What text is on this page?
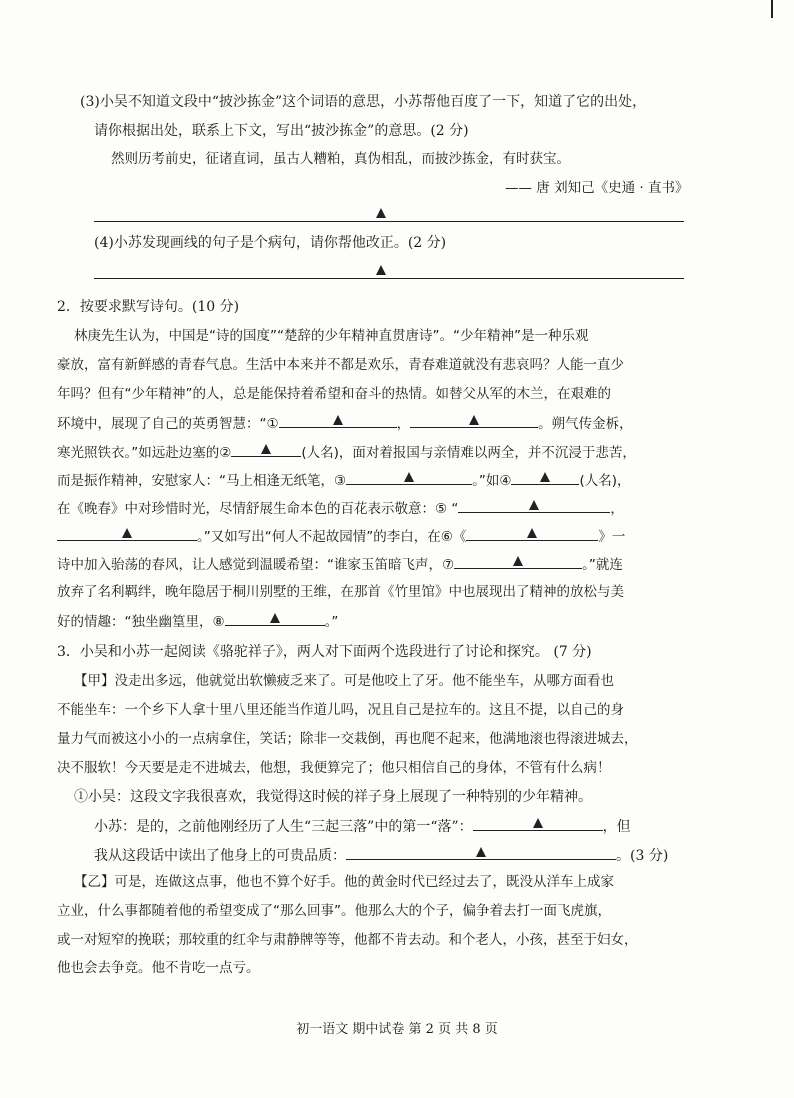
(3)小吴不知道文段中“披沙拣金”这个词语的意思，小苏帮他百度了一下，知道了它的出处，
请你根据出处，联系上下文，写出“披沙拣金”的意思。(2 分)
然则历考前史，征诸直词，虽古人糟粕，真伪相乱，而披沙拣金，有时获宝。
—— 唐 刘知己《史通 · 直书》
(4)小苏发现画线的句子是个病句，请你帮他改正。(2 分)
2．按要求默写诗句。(10 分)
林庚先生认为，中国是“诗的国度”“楚辞的少年精神直贯唐诗”。“少年精神”是一种乐观
豪放，富有新鲜感的青春气息。生活中本来并不都是欢乐，青春难道就没有悲哀吗？人能一直少
年吗？但有“少年精神”的人，总是能保持着希望和奋斗的热情。如替父从军的木兰，在艰难的
环境中，展现了自己的英勇智慧：“①	，	。朔气传金柝，
寒光照铁衣。”如远赴边塞的②	(人名)，面对着报国与亲情难以两全，并不沉浸于悲苦，
而是振作精神，安慰家人：“马上相逢无纸笔，③	。”如④	(人名)，
在《晚春》中对珍惜时光，尽情舒展生命本色的百花表示敬意：⑤ “	，
。”又如写出“何人不起故园情”的李白，在⑥《	》一
诗中加入骀荡的春风，让人感觉到温暖希望：“谁家玉笛暗飞声，⑦	。”就连
放弃了名利羁绊，晚年隐居于桐川别墅的王维，在那首《竹里馆》中也展现出了精神的放松与美
好的情趣：“独坐幽篁里，⑧	。”
3．小吴和小苏一起阅读《骆驼祥子》，两人对下面两个选段进行了讨论和探究。 (7 分)
【甲】没走出多远，他就觉出软懒疲乏来了。可是他咬上了牙。他不能坐车，从哪方面看也
不能坐车：一个乡下人拿十里八里还能当作道儿吗，况且自己是拉车的。这且不提，以自己的身
量力气而被这小小的一点病拿住，笑话；除非一交栽倒，再也爬不起来，他满地滚也得滚进城去，
决不服软！今天要是走不进城去，他想，我便算完了；他只相信自己的身体，不管有什么病！
①小吴：这段文字我很喜欢，我觉得这时候的祥子身上展现了一种特别的少年精神。
小苏：是的，之前他刚经历了人生“三起三落”中的第一“落”：	，但
我从这段话中读出了他身上的可贵品质：	。(3 分)
【乙】可是，连做这点事，他也不算个好手。他的黄金时代已经过去了，既没从洋车上成家
立业，什么事都随着他的希望变成了“那么回事”。他那么大的个子，偏争着去打一面飞虎旗，
或一对短窄的挽联；那较重的红伞与肃静牌等等，他都不肯去动。和个老人，小孩，甚至于妇女，
他也会去争竞。他不肯吃一点亏。
初一语文 期中试卷 第 2 页 共 8 页
